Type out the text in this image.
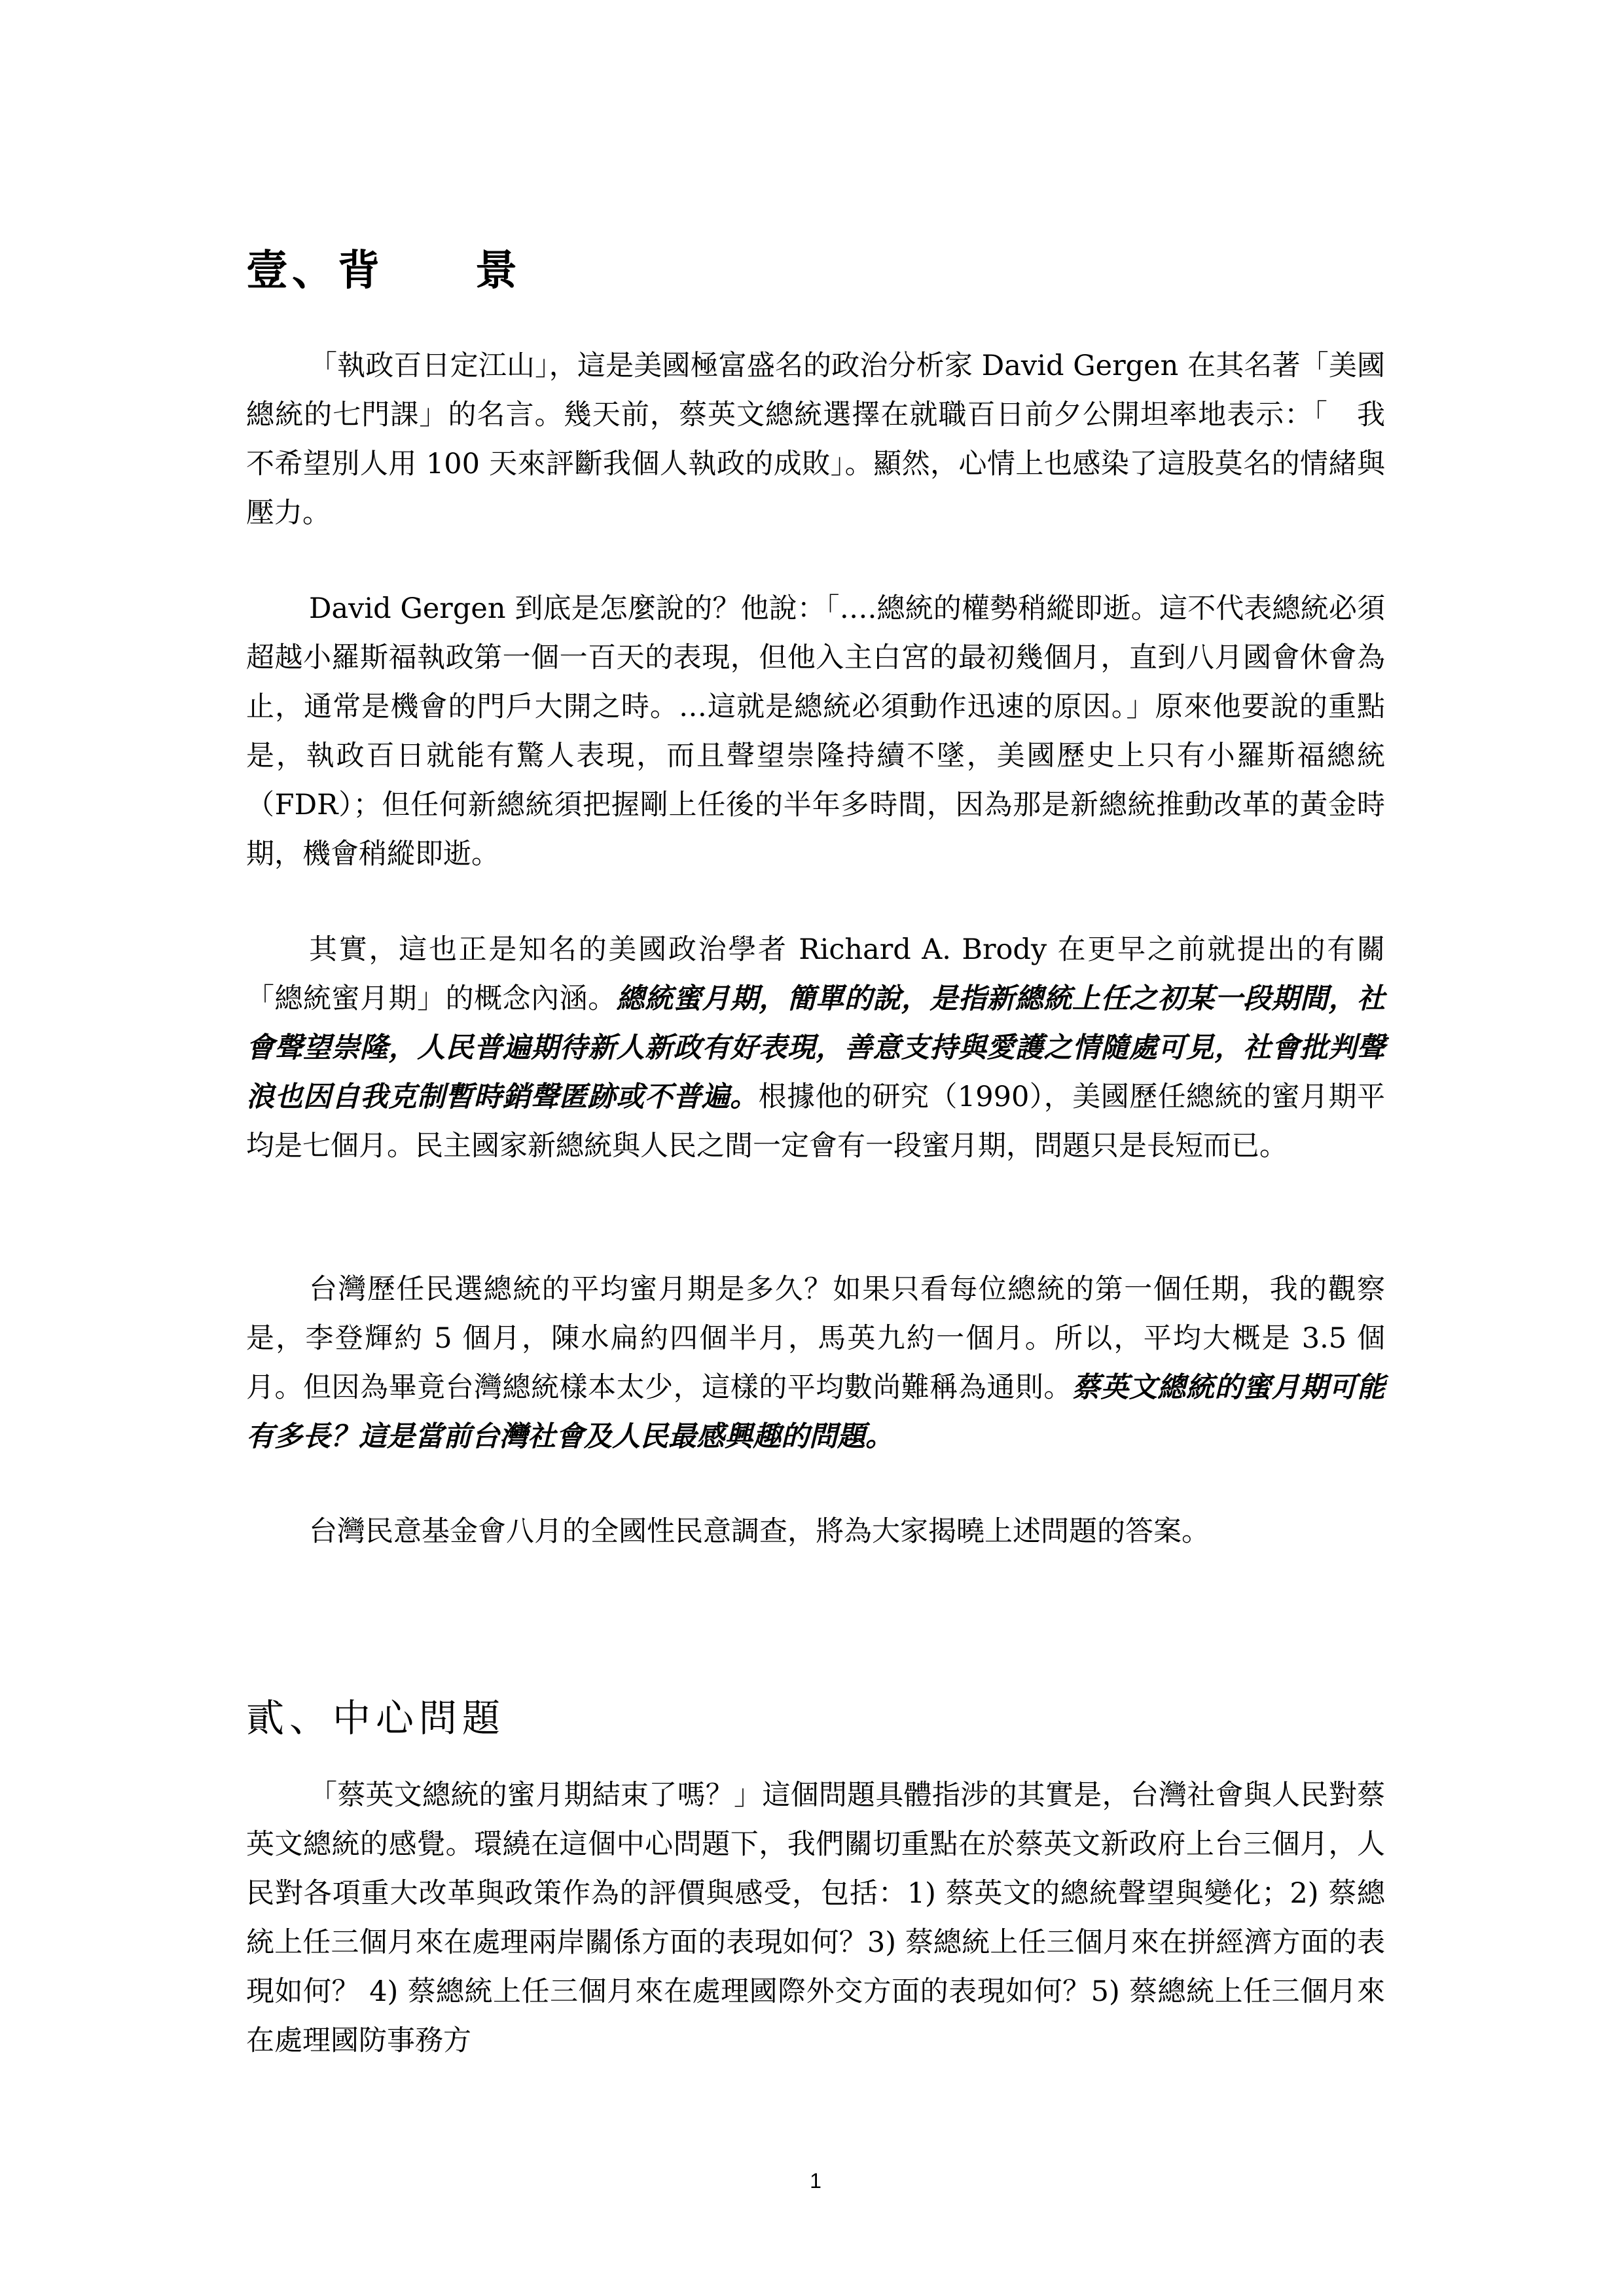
壹、背　　景

「執政百日定江山」，這是美國極富盛名的政治分析家 David Gergen 在其名著「美國總統的七門課」的名言。幾天前，蔡英文總統選擇在就職百日前夕公開坦率地表示：「　我不希望別人用 100 天來評斷我個人執政的成敗」。顯然，心情上也感染了這股莫名的情緒與壓力。

David Gergen 到底是怎麼說的？他說：「….總統的權勢稍縱即逝。這不代表總統必須超越小羅斯福執政第一個一百天的表現，但他入主白宮的最初幾個月，直到八月國會休會為止，通常是機會的門戶大開之時。…這就是總統必須動作迅速的原因。」原來他要說的重點是，執政百日就能有驚人表現，而且聲望崇隆持續不墜，美國歷史上只有小羅斯福總統（FDR）；但任何新總統須把握剛上任後的半年多時間，因為那是新總統推動改革的黃金時期，機會稍縱即逝。

其實，這也正是知名的美國政治學者 Richard A. Brody 在更早之前就提出的有關「總統蜜月期」的概念內涵。總統蜜月期，簡單的說，是指新總統上任之初某一段期間，社會聲望崇隆，人民普遍期待新人新政有好表現，善意支持與愛護之情隨處可見，社會批判聲浪也因自我克制暫時銷聲匿跡或不普遍。根據他的研究（1990），美國歷任總統的蜜月期平均是七個月。民主國家新總統與人民之間一定會有一段蜜月期，問題只是長短而已。

台灣歷任民選總統的平均蜜月期是多久？如果只看每位總統的第一個任期，我的觀察是，李登輝約 5 個月，陳水扁約四個半月，馬英九約一個月。所以，平均大概是 3.5 個月。但因為畢竟台灣總統樣本太少，這樣的平均數尚難稱為通則。蔡英文總統的蜜月期可能有多長？這是當前台灣社會及人民最感興趣的問題。

台灣民意基金會八月的全國性民意調查，將為大家揭曉上述問題的答案。

貳、中心問題

「蔡英文總統的蜜月期結束了嗎？」這個問題具體指涉的其實是，台灣社會與人民對蔡英文總統的感覺。環繞在這個中心問題下，我們關切重點在於蔡英文新政府上台三個月，人民對各項重大改革與政策作為的評價與感受，包括：1) 蔡英文的總統聲望與變化；2) 蔡總統上任三個月來在處理兩岸關係方面的表現如何？3) 蔡總統上任三個月來在拼經濟方面的表現如何？ 4) 蔡總統上任三個月來在處理國際外交方面的表現如何？5) 蔡總統上任三個月來在處理國防事務方

1
